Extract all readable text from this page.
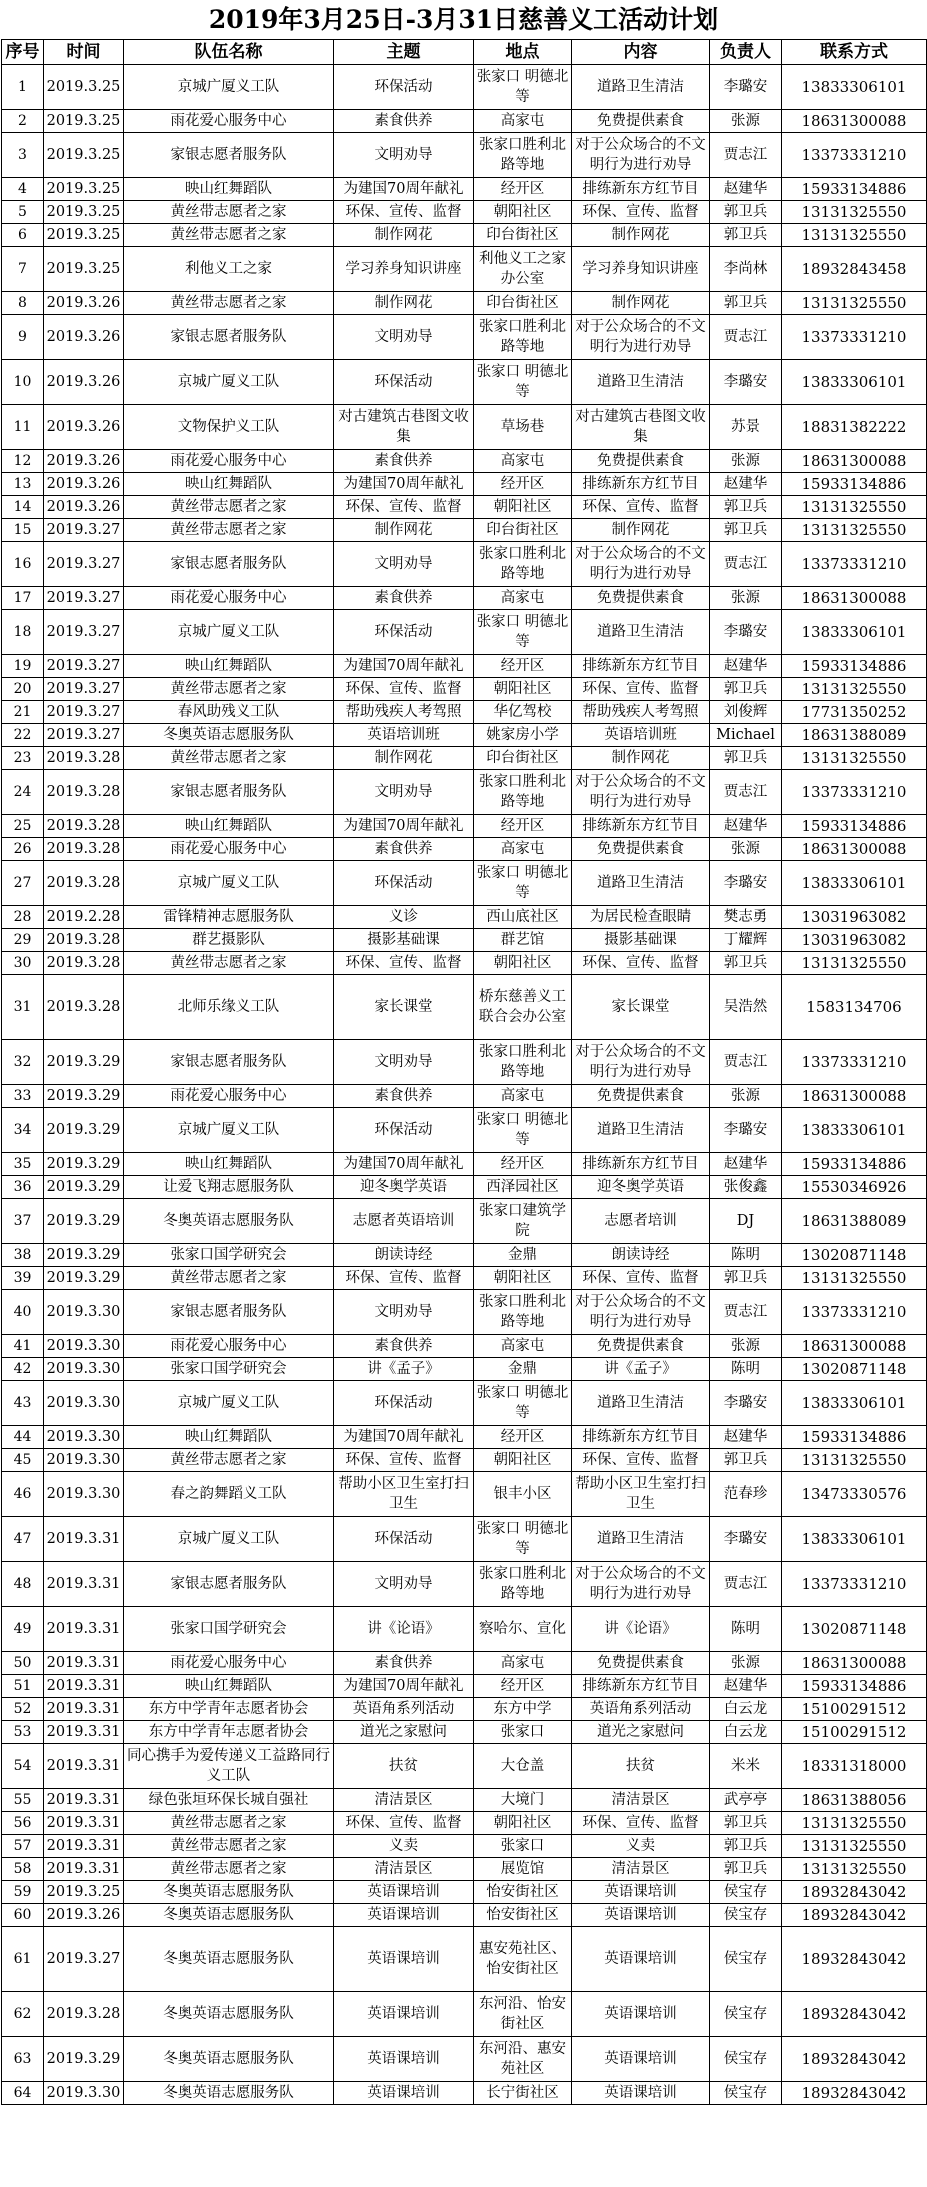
2019年3月25日-3月31日慈善义工活动计划
序号	时间	队伍名称	主题	地点	内容	负责人	联系方式
1	2019.3.25	京城广厦义工队	环保活动	张家口 明德北等	道路卫生清洁	李璐安	13833306101
2	2019.3.25	雨花爱心服务中心	素食供养	高家屯	免费提供素食	张源	18631300088
3	2019.3.25	家银志愿者服务队	文明劝导	张家口胜利北路等地	对于公众场合的不文明行为进行劝导	贾志江	13373331210
4	2019.3.25	映山红舞蹈队	为建国70周年献礼	经开区	排练新东方红节目	赵建华	15933134886
5	2019.3.25	黄丝带志愿者之家	环保、宣传、监督	朝阳社区	环保、宣传、监督	郭卫兵	13131325550
6	2019.3.25	黄丝带志愿者之家	制作网花	印台街社区	制作网花	郭卫兵	13131325550
7	2019.3.25	利他义工之家	学习养身知识讲座	利他义工之家办公室	学习养身知识讲座	李尚林	18932843458
8	2019.3.26	黄丝带志愿者之家	制作网花	印台街社区	制作网花	郭卫兵	13131325550
9	2019.3.26	家银志愿者服务队	文明劝导	张家口胜利北路等地	对于公众场合的不文明行为进行劝导	贾志江	13373331210
10	2019.3.26	京城广厦义工队	环保活动	张家口 明德北等	道路卫生清洁	李璐安	13833306101
11	2019.3.26	文物保护义工队	对古建筑古巷图文收集	草场巷	对古建筑古巷图文收集	苏景	18831382222
12	2019.3.26	雨花爱心服务中心	素食供养	高家屯	免费提供素食	张源	18631300088
13	2019.3.26	映山红舞蹈队	为建国70周年献礼	经开区	排练新东方红节目	赵建华	15933134886
14	2019.3.26	黄丝带志愿者之家	环保、宣传、监督	朝阳社区	环保、宣传、监督	郭卫兵	13131325550
15	2019.3.27	黄丝带志愿者之家	制作网花	印台街社区	制作网花	郭卫兵	13131325550
16	2019.3.27	家银志愿者服务队	文明劝导	张家口胜利北路等地	对于公众场合的不文明行为进行劝导	贾志江	13373331210
17	2019.3.27	雨花爱心服务中心	素食供养	高家屯	免费提供素食	张源	18631300088
18	2019.3.27	京城广厦义工队	环保活动	张家口 明德北等	道路卫生清洁	李璐安	13833306101
19	2019.3.27	映山红舞蹈队	为建国70周年献礼	经开区	排练新东方红节目	赵建华	15933134886
20	2019.3.27	黄丝带志愿者之家	环保、宣传、监督	朝阳社区	环保、宣传、监督	郭卫兵	13131325550
21	2019.3.27	春风助残义工队	帮助残疾人考驾照	华亿驾校	帮助残疾人考驾照	刘俊辉	17731350252
22	2019.3.27	冬奥英语志愿服务队	英语培训班	姚家房小学	英语培训班	Michael	18631388089
23	2019.3.28	黄丝带志愿者之家	制作网花	印台街社区	制作网花	郭卫兵	13131325550
24	2019.3.28	家银志愿者服务队	文明劝导	张家口胜利北路等地	对于公众场合的不文明行为进行劝导	贾志江	13373331210
25	2019.3.28	映山红舞蹈队	为建国70周年献礼	经开区	排练新东方红节目	赵建华	15933134886
26	2019.3.28	雨花爱心服务中心	素食供养	高家屯	免费提供素食	张源	18631300088
27	2019.3.28	京城广厦义工队	环保活动	张家口 明德北等	道路卫生清洁	李璐安	13833306101
28	2019.2.28	雷锋精神志愿服务队	义诊	西山底社区	为居民检查眼睛	樊志勇	13031963082
29	2019.3.28	群艺摄影队	摄影基础课	群艺馆	摄影基础课	丁耀辉	13031963082
30	2019.3.28	黄丝带志愿者之家	环保、宣传、监督	朝阳社区	环保、宣传、监督	郭卫兵	13131325550
31	2019.3.28	北师乐缘义工队	家长课堂	桥东慈善义工联合会办公室	家长课堂	吴浩然	1583134706
32	2019.3.29	家银志愿者服务队	文明劝导	张家口胜利北路等地	对于公众场合的不文明行为进行劝导	贾志江	13373331210
33	2019.3.29	雨花爱心服务中心	素食供养	高家屯	免费提供素食	张源	18631300088
34	2019.3.29	京城广厦义工队	环保活动	张家口 明德北等	道路卫生清洁	李璐安	13833306101
35	2019.3.29	映山红舞蹈队	为建国70周年献礼	经开区	排练新东方红节目	赵建华	15933134886
36	2019.3.29	让爱飞翔志愿服务队	迎冬奥学英语	西泽园社区	迎冬奥学英语	张俊鑫	15530346926
37	2019.3.29	冬奥英语志愿服务队	志愿者英语培训	张家口建筑学院	志愿者培训	DJ	18631388089
38	2019.3.29	张家口国学研究会	朗读诗经	金鼎	朗读诗经	陈明	13020871148
39	2019.3.29	黄丝带志愿者之家	环保、宣传、监督	朝阳社区	环保、宣传、监督	郭卫兵	13131325550
40	2019.3.30	家银志愿者服务队	文明劝导	张家口胜利北路等地	对于公众场合的不文明行为进行劝导	贾志江	13373331210
41	2019.3.30	雨花爱心服务中心	素食供养	高家屯	免费提供素食	张源	18631300088
42	2019.3.30	张家口国学研究会	讲《孟子》	金鼎	讲《孟子》	陈明	13020871148
43	2019.3.30	京城广厦义工队	环保活动	张家口 明德北等	道路卫生清洁	李璐安	13833306101
44	2019.3.30	映山红舞蹈队	为建国70周年献礼	经开区	排练新东方红节目	赵建华	15933134886
45	2019.3.30	黄丝带志愿者之家	环保、宣传、监督	朝阳社区	环保、宣传、监督	郭卫兵	13131325550
46	2019.3.30	春之韵舞蹈义工队	帮助小区卫生室打扫卫生	银丰小区	帮助小区卫生室打扫卫生	范春珍	13473330576
47	2019.3.31	京城广厦义工队	环保活动	张家口 明德北等	道路卫生清洁	李璐安	13833306101
48	2019.3.31	家银志愿者服务队	文明劝导	张家口胜利北路等地	对于公众场合的不文明行为进行劝导	贾志江	13373331210
49	2019.3.31	张家口国学研究会	讲《论语》	察哈尔、宣化	讲《论语》	陈明	13020871148
50	2019.3.31	雨花爱心服务中心	素食供养	高家屯	免费提供素食	张源	18631300088
51	2019.3.31	映山红舞蹈队	为建国70周年献礼	经开区	排练新东方红节目	赵建华	15933134886
52	2019.3.31	东方中学青年志愿者协会	英语角系列活动	东方中学	英语角系列活动	白云龙	15100291512
53	2019.3.31	东方中学青年志愿者协会	道光之家慰问	张家口	道光之家慰问	白云龙	15100291512
54	2019.3.31	同心携手为爱传递义工益路同行义工队	扶贫	大仓盖	扶贫	米米	18331318000
55	2019.3.31	绿色张垣环保长城自强社	清洁景区	大境门	清洁景区	武亭亭	18631388056
56	2019.3.31	黄丝带志愿者之家	环保、宣传、监督	朝阳社区	环保、宣传、监督	郭卫兵	13131325550
57	2019.3.31	黄丝带志愿者之家	义卖	张家口	义卖	郭卫兵	13131325550
58	2019.3.31	黄丝带志愿者之家	清洁景区	展览馆	清洁景区	郭卫兵	13131325550
59	2019.3.25	冬奥英语志愿服务队	英语课培训	怡安街社区	英语课培训	侯宝存	18932843042
60	2019.3.26	冬奥英语志愿服务队	英语课培训	怡安街社区	英语课培训	侯宝存	18932843042
61	2019.3.27	冬奥英语志愿服务队	英语课培训	惠安苑社区、怡安街社区	英语课培训	侯宝存	18932843042
62	2019.3.28	冬奥英语志愿服务队	英语课培训	东河沿、怡安街社区	英语课培训	侯宝存	18932843042
63	2019.3.29	冬奥英语志愿服务队	英语课培训	东河沿、惠安苑社区	英语课培训	侯宝存	18932843042
64	2019.3.30	冬奥英语志愿服务队	英语课培训	长宁街社区	英语课培训	侯宝存	18932843042
